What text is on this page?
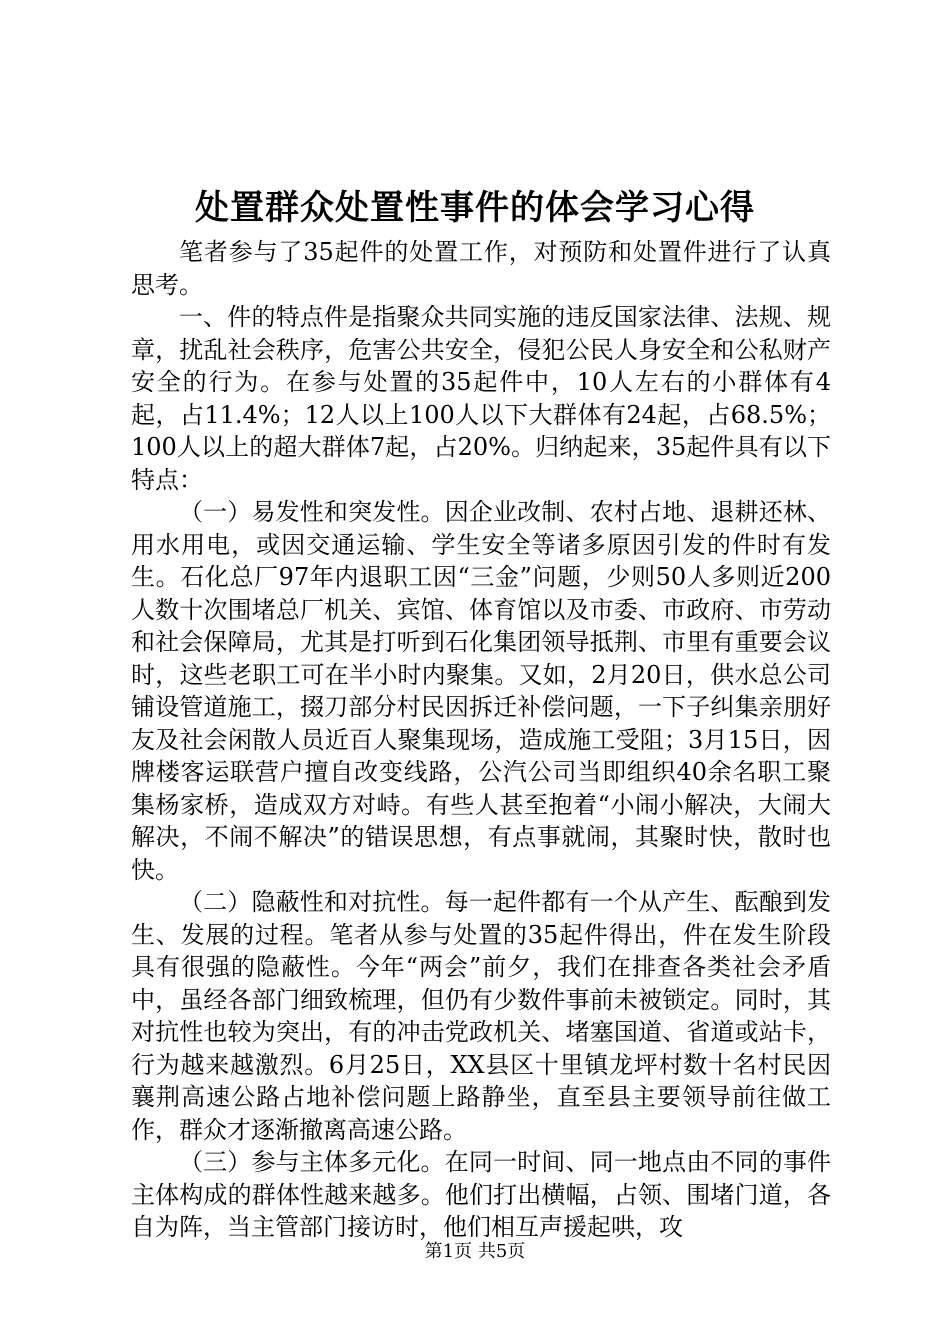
处置群众处置性事件的体会学习心得

笔者参与了35起件的处置工作，对预防和处置件进行了认真思考。

一、件的特点件是指聚众共同实施的违反国家法律、法规、规章，扰乱社会秩序，危害公共安全，侵犯公民人身安全和公私财产安全的行为。在参与处置的35起件中，10人左右的小群体有4起，占11.4%；12人以上100人以下大群体有24起，占68.5%；100人以上的超大群体7起，占20%。归纳起来，35起件具有以下特点：

（一）易发性和突发性。因企业改制、农村占地、退耕还林、用水用电，或因交通运输、学生安全等诸多原因引发的件时有发生。石化总厂97年内退职工因“三金”问题，少则50人多则近200人数十次围堵总厂机关、宾馆、体育馆以及市委、市政府、市劳动和社会保障局，尤其是打听到石化集团领导抵荆、市里有重要会议时，这些老职工可在半小时内聚集。又如，2月20日，供水总公司铺设管道施工，掇刀部分村民因拆迁补偿问题，一下子纠集亲朋好友及社会闲散人员近百人聚集现场，造成施工受阻；3月15日，因牌楼客运联营户擅自改变线路，公汽公司当即组织40余名职工聚集杨家桥，造成双方对峙。有些人甚至抱着“小闹小解决，大闹大解决，不闹不解决”的错误思想，有点事就闹，其聚时快，散时也快。

（二）隐蔽性和对抗性。每一起件都有一个从产生、酝酿到发生、发展的过程。笔者从参与处置的35起件得出，件在发生阶段具有很强的隐蔽性。今年“两会”前夕，我们在排查各类社会矛盾中，虽经各部门细致梳理，但仍有少数件事前未被锁定。同时，其对抗性也较为突出，有的冲击党政机关、堵塞国道、省道或站卡，行为越来越激烈。6月25日，XX县区十里镇龙坪村数十名村民因襄荆高速公路占地补偿问题上路静坐，直至县主要领导前往做工作，群众才逐渐撤离高速公路。

（三）参与主体多元化。在同一时间、同一地点由不同的事件主体构成的群体性越来越多。他们打出横幅，占领、围堵门道，各自为阵，当主管部门接访时，他们相互声援起哄，攻

第1页 共5页
